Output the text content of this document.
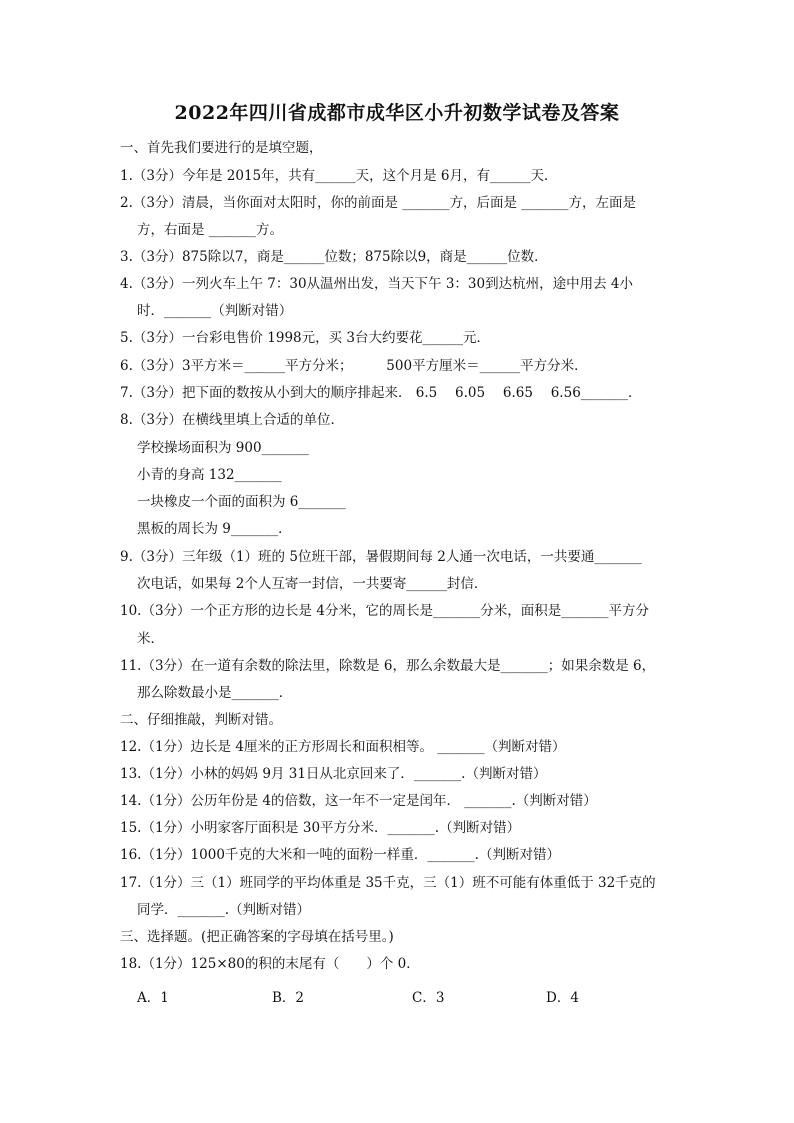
2022年四川省成都市成华区小升初数学试卷及答案
一、首先我们要进行的是填空题，
1.（3分）今年是 2015年，共有______天，这个月是 6月，有______天．
2.（3分）清晨，当你面对太阳时，你的前面是 _______方，后面是 _______方，左面是
方，右面是 _______方。
3.（3分）875除以7，商是______位数；875除以9，商是______位数．
4.（3分）一列火车上午 7：30从温州出发，当天下午 3：30到达杭州，途中用去 4小
时．_______（判断对错）
5.（3分）一台彩电售价 1998元，买 3台大约要花______元．
6.（3分）3平方米＝______平方分米；　　　500平方厘米＝______平方分米．
7.（3分）把下面的数按从小到大的顺序排起来． 6.5　 6.05　 6.65　 6.56_______．
8.（3分）在横线里填上合适的单位．
学校操场面积为 900_______
小青的身高 132_______
一块橡皮一个面的面积为 6_______
黑板的周长为 9_______．
9.（3分）三年级（1）班的 5位班干部，暑假期间每 2人通一次电话，一共要通_______
次电话，如果每 2个人互寄一封信，一共要寄______封信．
10.（3分）一个正方形的边长是 4分米，它的周长是_______分米，面积是_______平方分
米．
11.（3分）在一道有余数的除法里，除数是 6，那么余数最大是_______；如果余数是 6，
那么除数最小是_______．
二、仔细推敲，判断对错。
12.（1分）边长是 4厘米的正方形周长和面积相等。 _______（判断对错）
13.（1分）小林的妈妈 9月 31日从北京回来了．_______.（判断对错）
14.（1分）公历年份是 4的倍数，这一年不一定是闰年． _______.（判断对错）
15.（1分）小明家客厅面积是 30平方分米．_______.（判断对错）
16.（1分）1000千克的大米和一吨的面粉一样重．_______.（判断对错）
17.（1分）三（1）班同学的平均体重是 35千克，三（1）班不可能有体重低于 32千克的
同学．_______.（判断对错）
三、选择题。(把正确答案的字母填在括号里。)
18.（1分）125×80的积的末尾有（　　）个 0．
A．1	B．2	C．3	D．4
